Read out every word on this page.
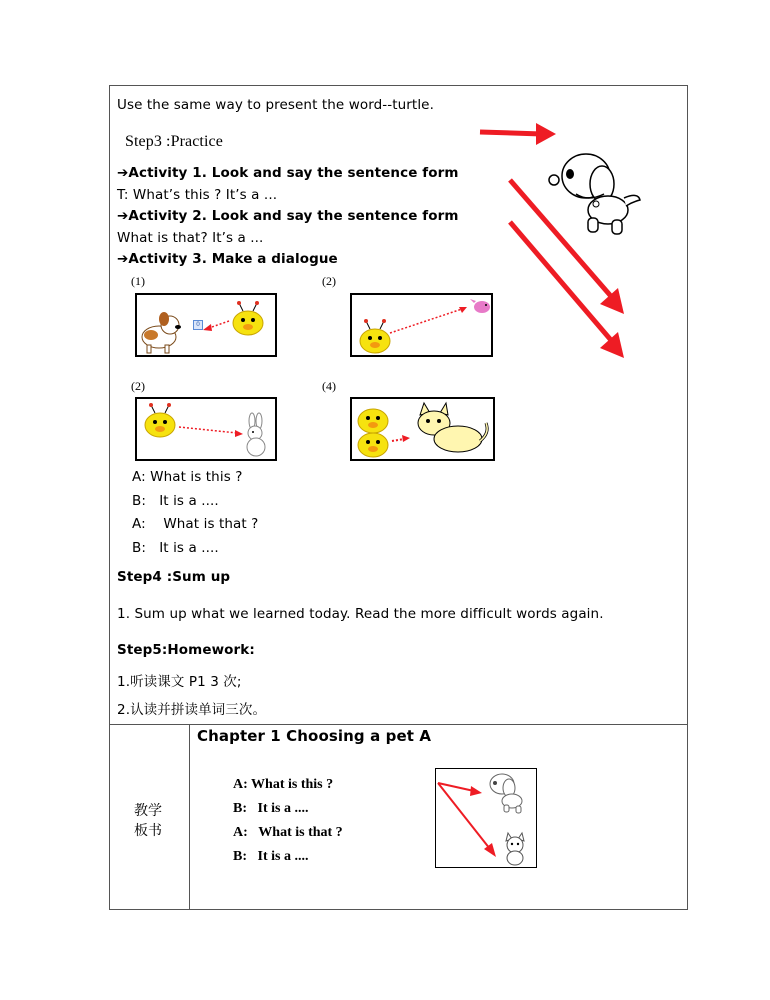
Use the same way to present the word--turtle.
Step3 :Practice
➔Activity 1. Look and say the sentence form
T: What’s this ? It’s a ...
➔Activity 2. Look and say the sentence form
What is that? It’s a ...
➔Activity 3. Make a dialogue
(1)	(2)
(2)	(4)
0
A: What is this ?
B: It is a ....
A: What is that ?
B: It is a ....
Step4 :Sum up
1. Sum up what we learned today. Read the more difficult words again.
Step5:Homework:
1.听读课文 P1 3 次;
2.认读并拼读单词三次。
教学
板书
Chapter 1 Choosing a pet A
A: What is this ?
B: It is a ....
A: What is that ?
B: It is a ....
